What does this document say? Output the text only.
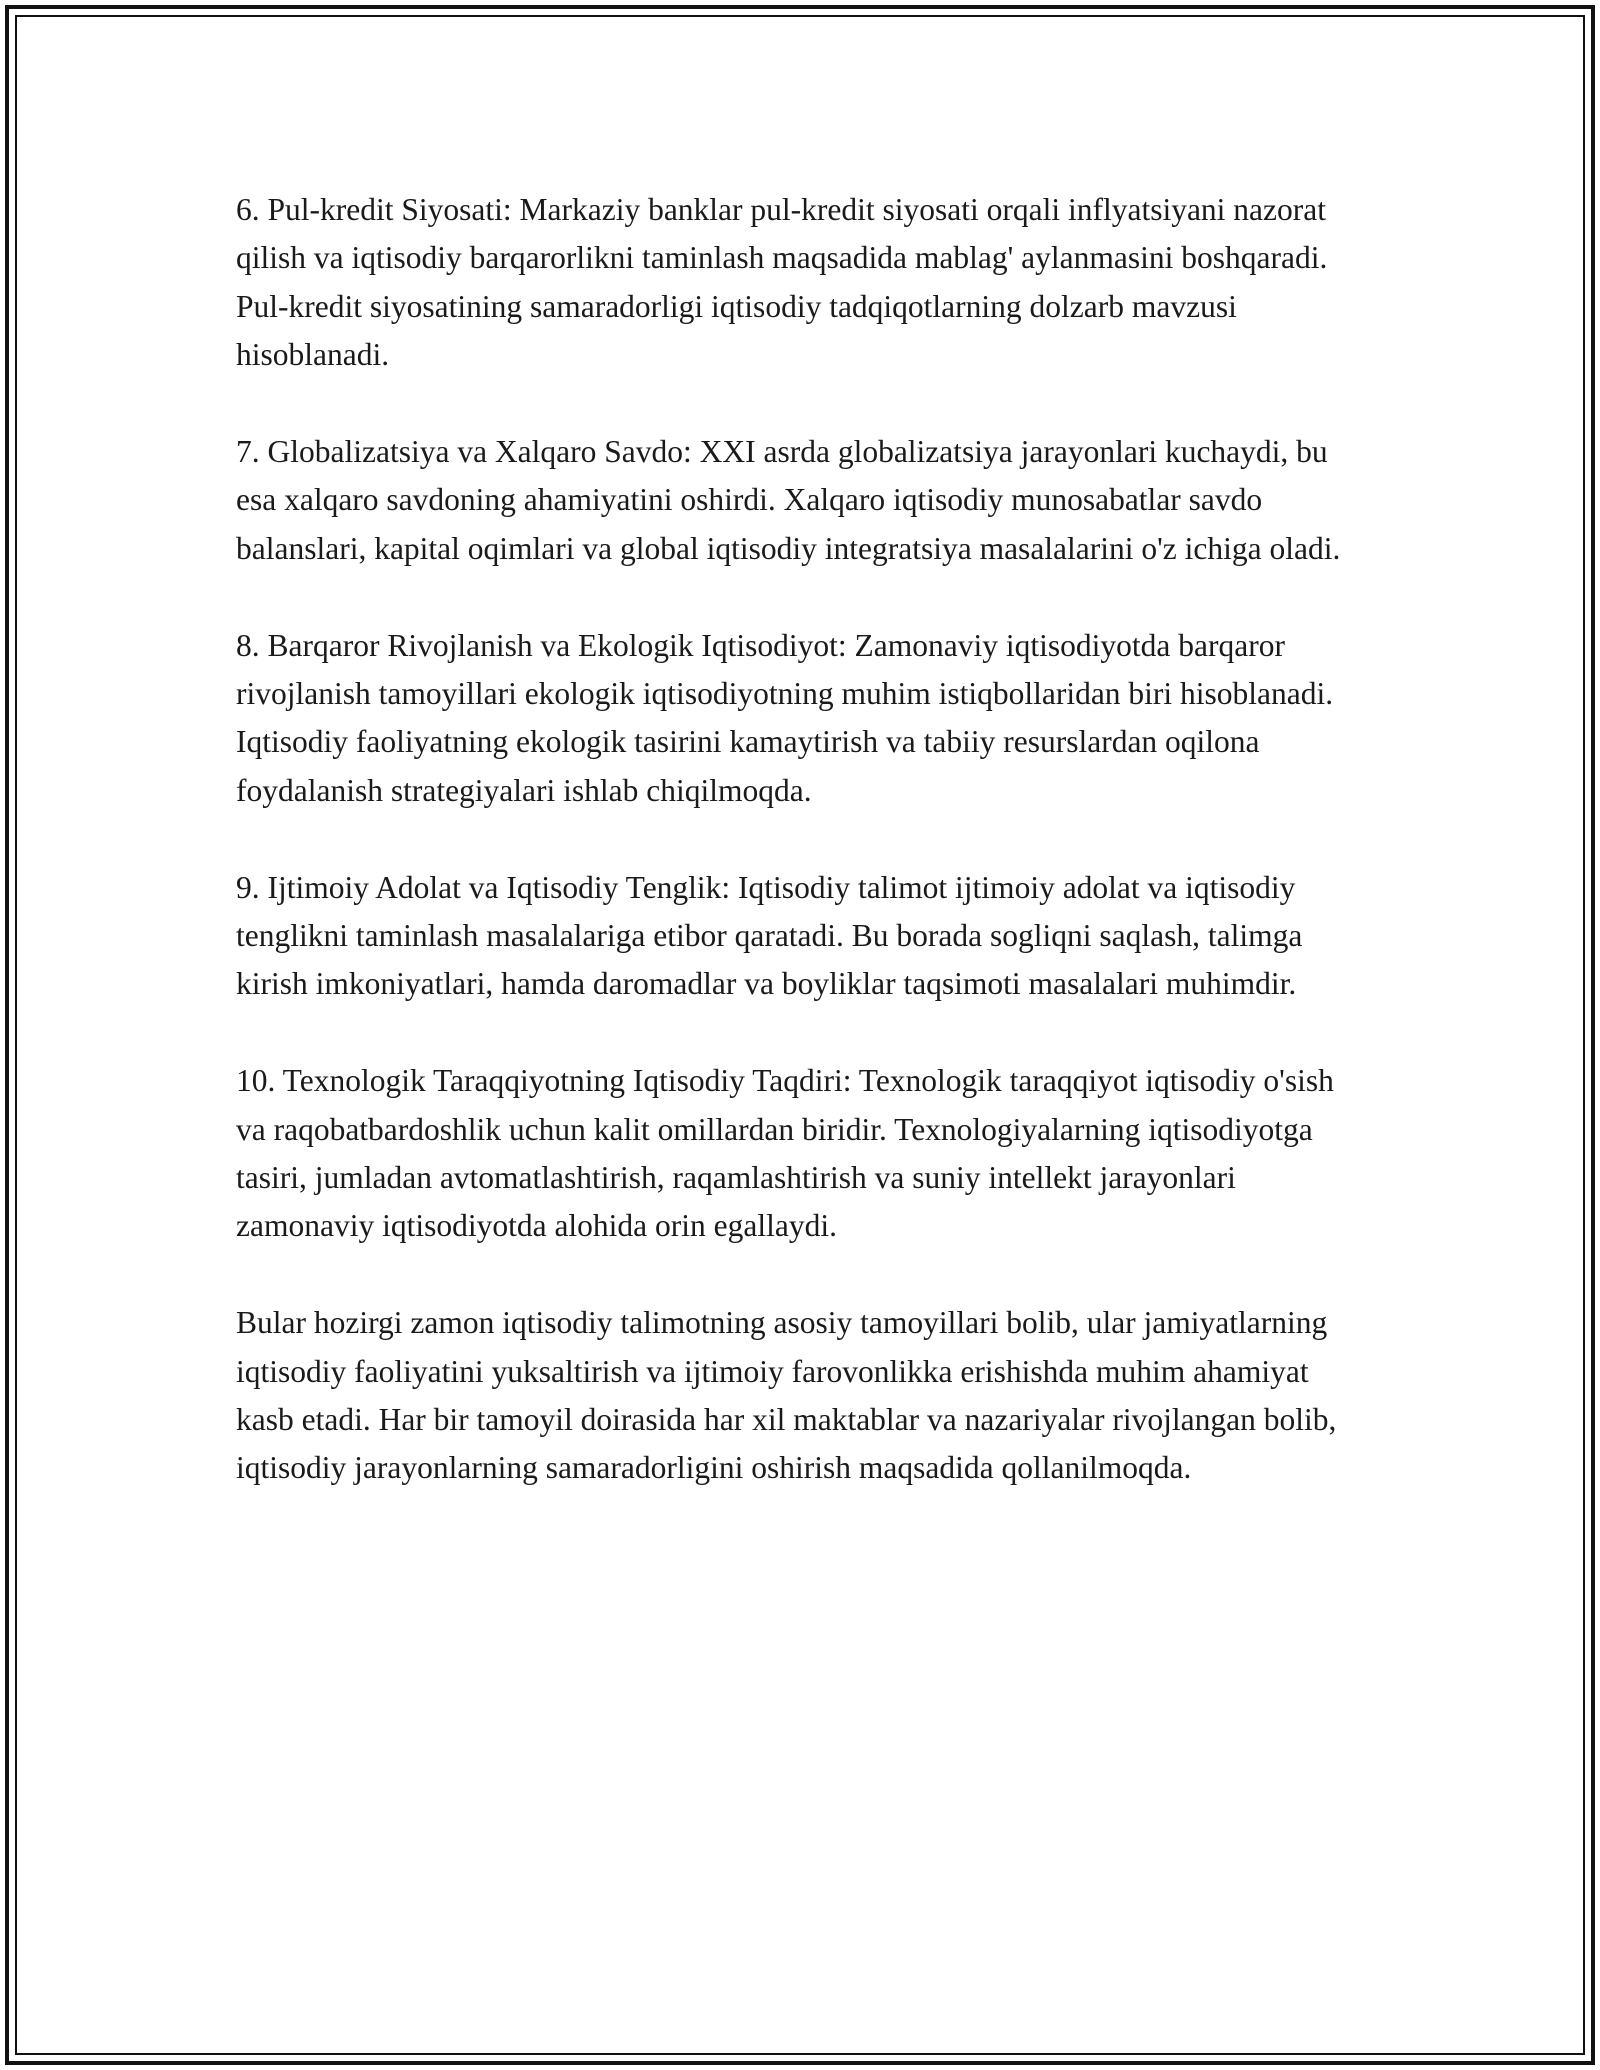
6. Pul-kredit Siyosati: Markaziy banklar pul-kredit siyosati orqali inflyatsiyani nazorat qilish va iqtisodiy barqarorlikni taminlash maqsadida mablag' aylanmasini boshqaradi. Pul-kredit siyosatining samaradorligi iqtisodiy tadqiqotlarning dolzarb mavzusi hisoblanadi.

7. Globalizatsiya va Xalqaro Savdo: XXI asrda globalizatsiya jarayonlari kuchaydi, bu esa xalqaro savdoning ahamiyatini oshirdi. Xalqaro iqtisodiy munosabatlar savdo balanslari, kapital oqimlari va global iqtisodiy integratsiya masalalarini o'z ichiga oladi.

8. Barqaror Rivojlanish va Ekologik Iqtisodiyot: Zamonaviy iqtisodiyotda barqaror rivojlanish tamoyillari ekologik iqtisodiyotning muhim istiqbollaridan biri hisoblanadi. Iqtisodiy faoliyatning ekologik tasirini kamaytirish va tabiiy resurslardan oqilona foydalanish strategiyalari ishlab chiqilmoqda.

9. Ijtimoiy Adolat va Iqtisodiy Tenglik: Iqtisodiy talimot ijtimoiy adolat va iqtisodiy tenglikni taminlash masalalariga etibor qaratadi. Bu borada sogliqni saqlash, talimga kirish imkoniyatlari, hamda daromadlar va boyliklar taqsimoti masalalari muhimdir.

10. Texnologik Taraqqiyotning Iqtisodiy Taqdiri: Texnologik taraqqiyot iqtisodiy o'sish va raqobatbardoshlik uchun kalit omillardan biridir. Texnologiyalarning iqtisodiyotga tasiri, jumladan avtomatlashtirish, raqamlashtirish va suniy intellekt jarayonlari zamonaviy iqtisodiyotda alohida orin egallaydi.

Bular hozirgi zamon iqtisodiy talimotning asosiy tamoyillari bolib, ular jamiyatlarning iqtisodiy faoliyatini yuksaltirish va ijtimoiy farovonlikka erishishda muhim ahamiyat kasb etadi. Har bir tamoyil doirasida har xil maktablar va nazariyalar rivojlangan bolib, iqtisodiy jarayonlarning samaradorligini oshirish maqsadida qollanilmoqda.
